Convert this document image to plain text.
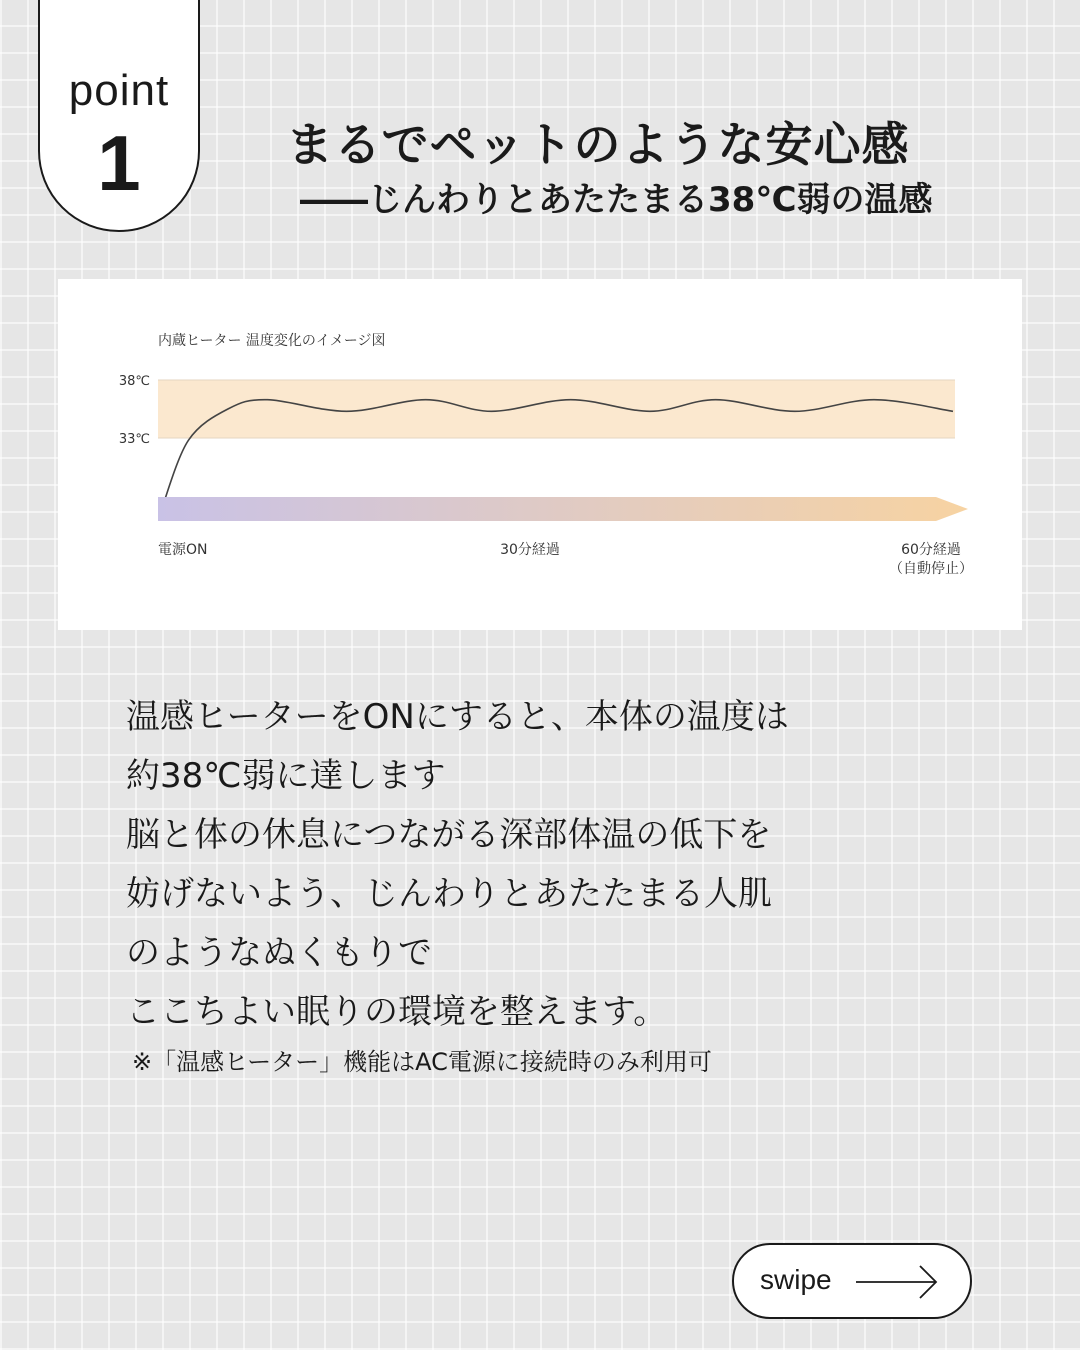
point
1	まるでペットのような安心感
――じんわりとあたたまる38℃弱の温感
内蔵ヒーター 温度変化のイメージ図
38℃
33℃
電源ON	30分経過	60分経過
（自動停止）
温感ヒーターをONにすると、本体の温度は
約38℃弱に達します
脳と体の休息につながる深部体温の低下を
妨げないよう、じんわりとあたたまる人肌
のようなぬくもりで
ここちよい眠りの環境を整えます。
※「温感ヒーター」機能はAC電源に接続時のみ利用可
swipe
